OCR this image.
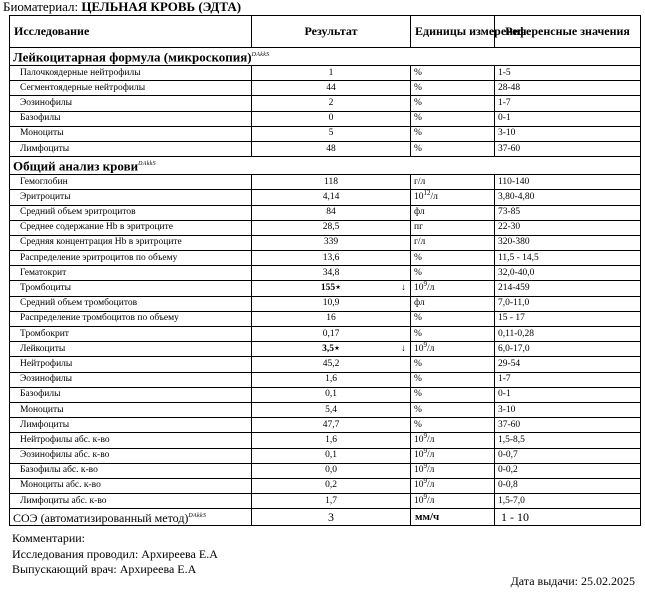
Биоматериал: ЦЕЛЬНАЯ КРОВЬ (ЭДТА)
Исследование	Результат	Единицы измерения	Референсные значения
Лейкоцитарная формула (микроскопия)$^{DAkkS}$
Палочкоядерные нейтрофилы	1	%	1-5
Сегментоядерные нейтрофилы	44	%	28-48
Эозинофилы	2	%	1-7
Базофилы	0	%	0-1
Моноциты	5	%	3-10
Лимфоциты	48	%	37-60
Общий анализ крови$^{DAkkS}$
Гемоглобин	118	г/л	110-140
Эритроциты	4,14	$10^{12}/л$	3,80-4,80
Средний объем эритроцитов	84	фл	73-85
Среднее содержание Hb в эритроците	28,5	пг	22-30
Средняя концентрация Hb в эритроците	339	г/л	320-380
Распределение эритроцитов по объему	13,6	%	11,5 - 14,5
Гематокрит	34,8	%	32,0-40,0
Тромбоциты	155⋆ ↓	$10^9/л$	214-459
Средний объем тромбоцитов	10,9	фл	7,0-11,0
Распределение тромбоцитов по объему	16	%	15 - 17
Тромбокрит	0,17	%	0,11-0,28
Лейкоциты	3,5⋆ ↓	$10^9/л$	6,0-17,0
Нейтрофилы	45,2	%	29-54
Эозинофилы	1,6	%	1-7
Базофилы	0,1	%	0-1
Моноциты	5,4	%	3-10
Лимфоциты	47,7	%	37-60
Нейтрофилы абс. к-во	1,6	$10^9/л$	1,5-8,5
Эозинофилы абс. к-во	0,1	$10^9/л$	0-0,7
Базофилы абс. к-во	0,0	$10^9/л$	0-0,2
Моноциты абс. к-во	0,2	$10^9/л$	0-0,8
Лимфоциты абс. к-во	1,7	$10^9/л$	1,5-7,0
СОЭ (автоматизированный метод)$^{DAkkS}$	3	мм/ч	1 - 10
Комментарии:
Исследования проводил: Архиреева Е.А
Выпускающий врач: Архиреева Е.А
Дата выдачи: 25.02.2025
